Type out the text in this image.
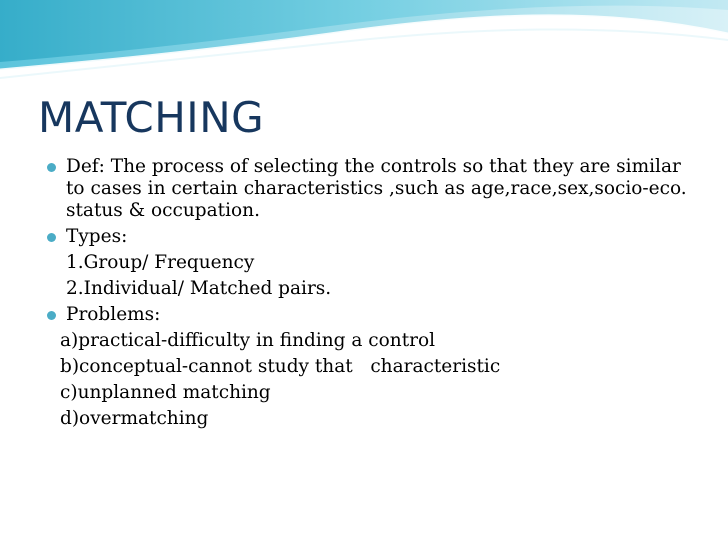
MATCHING
Def: The process of selecting the controls so that they are similar to cases in certain characteristics ,such as age,race,sex,socio-eco. status & occupation.
Types:
1.Group/ Frequency
2.Individual/ Matched pairs.
Problems:
a)practical-difficulty in finding a control
b)conceptual-cannot study that   characteristic
c)unplanned matching
d)overmatching
